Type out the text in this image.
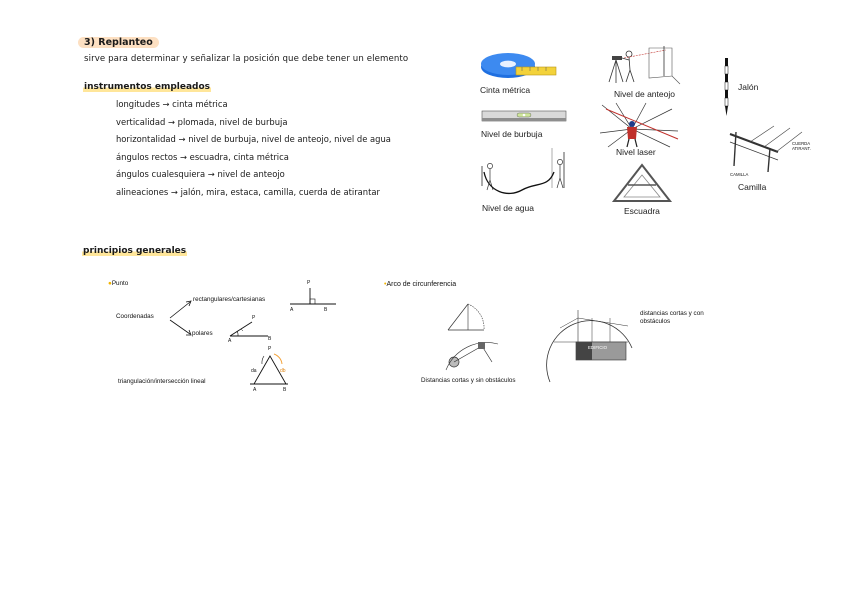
3) Replanteo
sirve para determinar y señalizar la posición que debe tener un elemento
instrumentos empleados
longitudes → cinta métrica
verticalidad → plomada, nivel de burbuja
horizontalidad → nivel de burbuja, nivel de anteojo, nivel de agua
ángulos rectos → escuadra, cinta métrica
ángulos cualesquiera → nivel de anteojo
alineaciones → jalón, mira, estaca, camilla, cuerda de atirantar
Cinta métrica	Nivel de anteojo
Jalón
Nivel de burbuja
Nivel laser
CUERDA ATIRANT.
CAMILLA
Camilla
Nivel de agua	Escuadra
principios generales
●Punto
Coordenadas
rectangulares/cartesianas
polares
triangulación/intersección lineal
P
A	B
P
A	B
P
da	db
A	B
•Arco de circunferencia
Distancias cortas y sin obstáculos
EDIFICIO
distancias cortas y con obstáculos
